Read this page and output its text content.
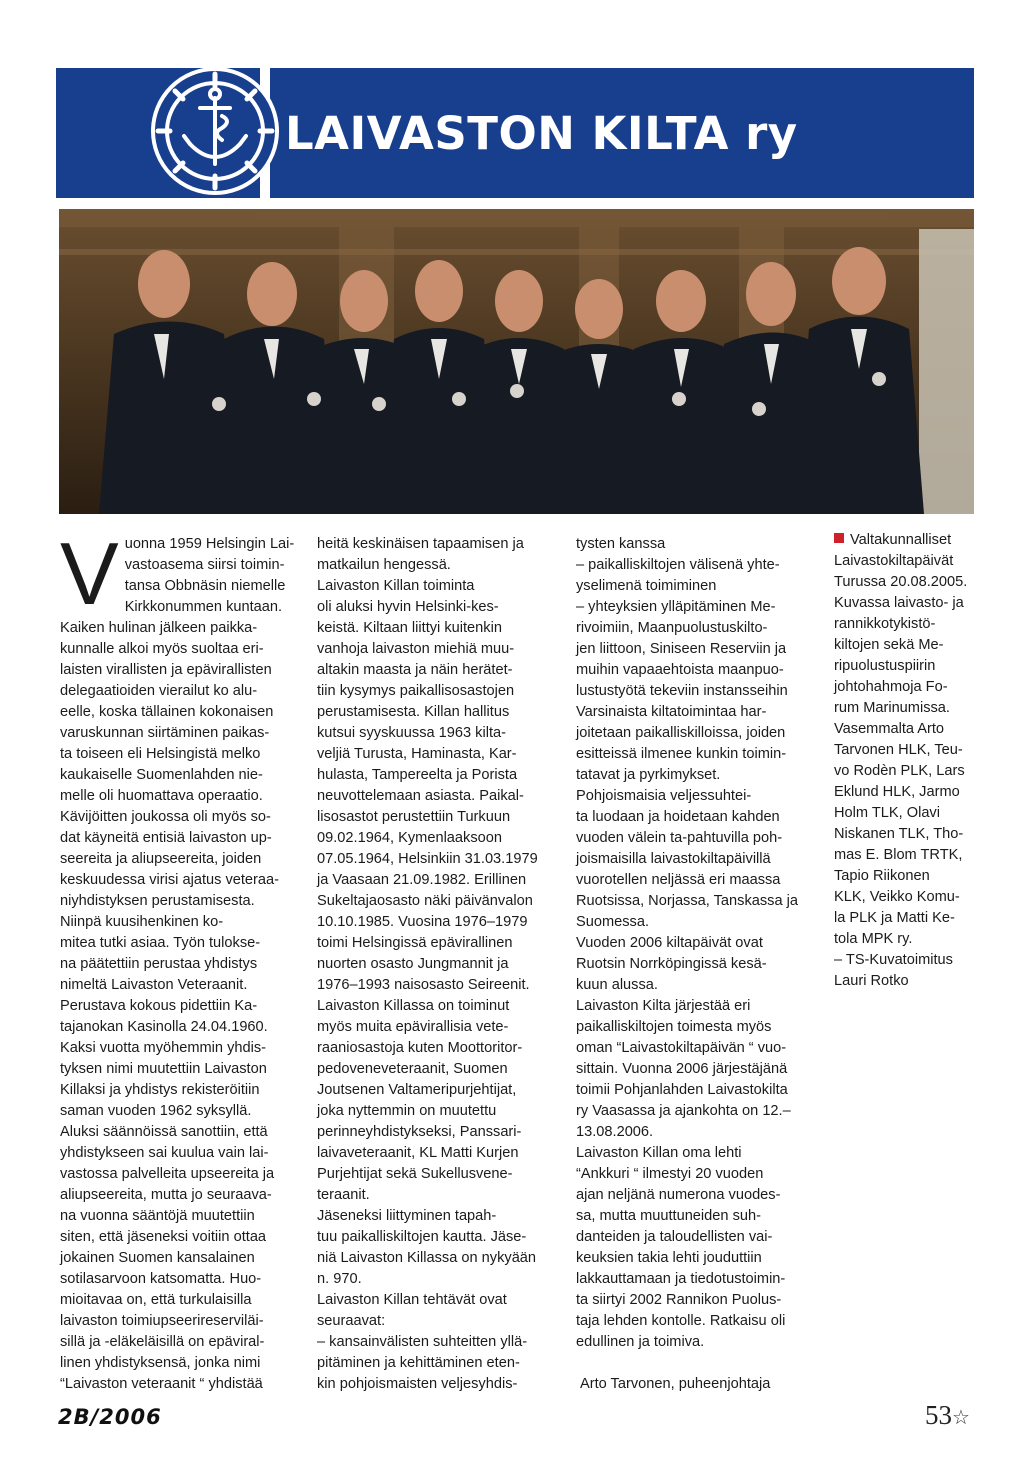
LAIVASTON KILTA ry
Vuonna 1959 Helsingin Lai-
vastoasema siirsi toimin-
tansa Obbnäsin niemelle
Kirkkonummen kuntaan.
Kaiken hulinan jälkeen paikka-
kunnalle alkoi myös suoltaa eri-
laisten virallisten ja epävirallisten
delegaatioiden vierailut ko alu-
eelle, koska tällainen kokonaisen
varuskunnan siirtäminen paikas-
ta toiseen eli Helsingistä melko
kaukaiselle Suomenlahden nie-
melle oli huomattava operaatio.
Kävijöitten joukossa oli myös so-
dat käyneitä entisiä laivaston up-
seereita ja aliupseereita, joiden
keskuudessa virisi ajatus veteraa-
niyhdistyksen perustamisesta.
Niinpä kuusihenkinen ko-
mitea tutki asiaa. Työn tulokse-
na päätettiin perustaa yhdistys
nimeltä Laivaston Veteraanit.
Perustava kokous pidettiin Ka-
tajanokan Kasinolla 24.04.1960.
Kaksi vuotta myöhemmin yhdis-
tyksen nimi muutettiin Laivaston
Killaksi ja yhdistys rekisteröitiin
saman vuoden 1962 syksyllä.
Aluksi säännöissä sanottiin, että
yhdistykseen sai kuulua vain lai-
vastossa palvelleita upseereita ja
aliupseereita, mutta jo seuraava-
na vuonna sääntöjä muutettiin
siten, että jäseneksi voitiin ottaa
jokainen Suomen kansalainen
sotilasarvoon katsomatta. Huo-
mioitavaa on, että turkulaisilla
laivaston toimiupseerireserviläi-
sillä ja -eläkeläisillä on epäviral-
linen yhdistyksensä, jonka nimi
“Laivaston veteraanit “ yhdistää
heitä keskinäisen tapaamisen ja
matkailun hengessä.
Laivaston Killan toiminta
oli aluksi hyvin Helsinki-kes-
keistä. Kiltaan liittyi kuitenkin
vanhoja laivaston miehiä muu-
altakin maasta ja näin herätet-
tiin kysymys paikallisosastojen
perustamisesta. Killan hallitus
kutsui syyskuussa 1963 kilta-
veljiä Turusta, Haminasta, Kar-
hulasta, Tampereelta ja Porista
neuvottelemaan asiasta. Paikal-
lisosastot perustettiin Turkuun
09.02.1964, Kymenlaaksoon
07.05.1964, Helsinkiin 31.03.1979
ja Vaasaan 21.09.1982. Erillinen
Sukeltajaosasto näki päivänvalon
10.10.1985. Vuosina 1976–1979
toimi Helsingissä epävirallinen
nuorten osasto Jungmannit ja
1976–1993 naisosasto Seireenit.
Laivaston Killassa on toiminut
myös muita epävirallisia vete-
raaniosastoja kuten Moottoritor-
pedoveneveteraanit, Suomen
Joutsenen Valtameripurjehtijat,
joka nyttemmin on muutettu
perinneyhdistykseksi, Panssari-
laivaveteraanit, KL Matti Kurjen
Purjehtijat sekä Sukellusvene-
teraanit.
Jäseneksi liittyminen tapah-
tuu paikalliskiltojen kautta. Jäse-
niä Laivaston Killassa on nykyään
n. 970.
Laivaston Killan tehtävät ovat
seuraavat:
– kansainvälisten suhteitten yllä-
pitäminen ja kehittäminen eten-
kin pohjoismaisten veljesyhdis-
tysten kanssa
– paikalliskiltojen välisenä yhte-
yselimenä toimiminen
– yhteyksien ylläpitäminen Me-
rivoimiin, Maanpuolustuskilto-
jen liittoon, Siniseen Reserviin ja
muihin vapaaehtoista maanpuo-
lustustyötä tekeviin instansseihin
Varsinaista kiltatoimintaa har-
joitetaan paikalliskilloissa, joiden
esitteissä ilmenee kunkin toimin-
tatavat ja pyrkimykset.
Pohjoismaisia veljessuhtei-
ta luodaan ja hoidetaan kahden
vuoden välein ta-pahtuvilla poh-
joismaisilla laivastokiltapäivillä
vuorotellen neljässä eri maassa
Ruotsissa, Norjassa, Tanskassa ja
Suomessa.
Vuoden 2006 kiltapäivät ovat
Ruotsin Norrköpingissä kesä-
kuun alussa.
Laivaston Kilta järjestää eri
paikalliskiltojen toimesta myös
oman “Laivastokiltapäivän “ vuo-
sittain. Vuonna 2006 järjestäjänä
toimii Pohjanlahden Laivastokilta
ry Vaasassa ja ajankohta on 12.–
13.08.2006.
Laivaston Killan oma lehti
“Ankkuri “ ilmestyi 20 vuoden
ajan neljänä numerona vuodes-
sa, mutta muuttuneiden suh-
danteiden ja taloudellisten vai-
keuksien takia lehti jouduttiin
lakkauttamaan ja tiedotustoimin-
ta siirtyi 2002 Rannikon Puolus-
taja lehden kontolle. Ratkaisu oli
edullinen ja toimiva.
Arto Tarvonen, puheenjohtaja
Valtakunnalliset
Laivastokiltapäivät
Turussa 20.08.2005.
Kuvassa laivasto- ja
rannikkotykistö-
kiltojen sekä Me-
ripuolustuspiirin
johtohahmoja Fo-
rum Marinumissa.
Vasemmalta Arto
Tarvonen HLK, Teu-
vo Rodèn PLK, Lars
Eklund HLK, Jarmo
Holm TLK, Olavi
Niskanen TLK, Tho-
mas E. Blom TRTK,
Tapio Riikonen
KLK, Veikko Komu-
la PLK ja Matti Ke-
tola MPK ry.
– TS-Kuvatoimitus
Lauri Rotko
2B/2006	53☆
